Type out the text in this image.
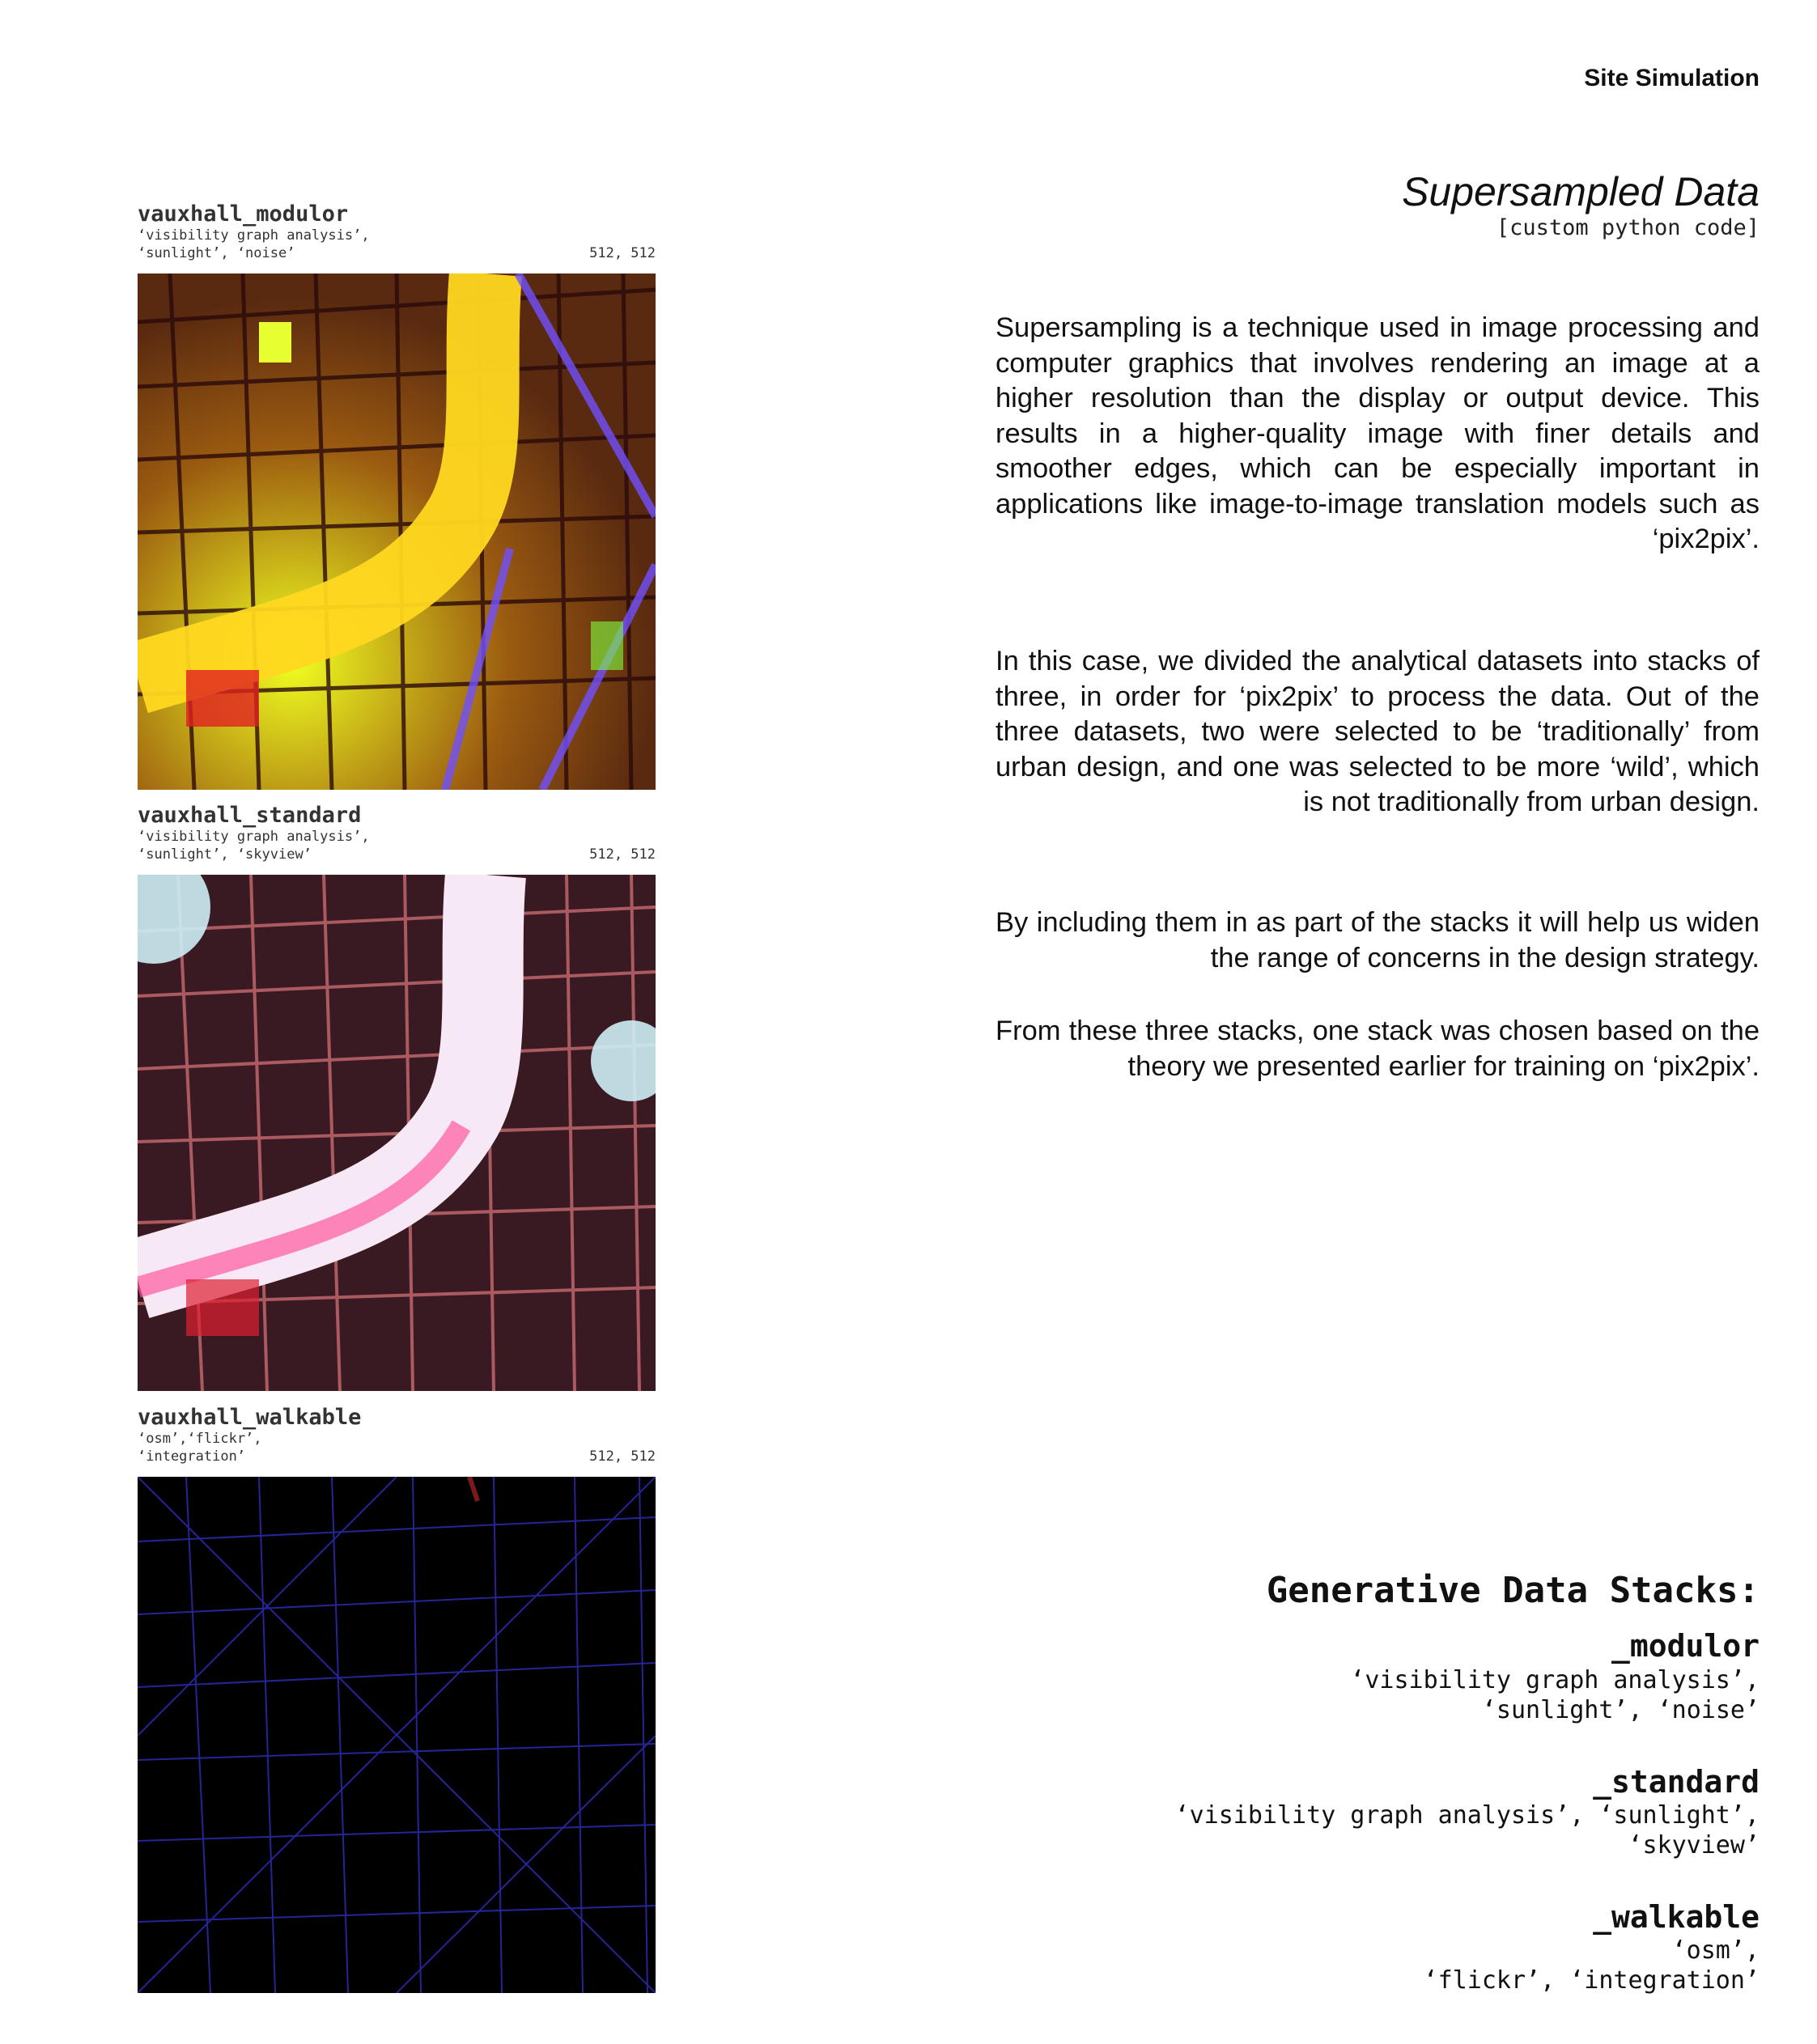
Site Simulation
vauxhall_modulor
‘visibility graph analysis’,
‘sunlight’, ‘noise’	512, 512
vauxhall_standard
‘visibility graph analysis’,
‘sunlight’, ‘skyview’	512, 512
vauxhall_walkable
‘osm’,‘flickr’,
‘integration’	512, 512
Supersampled Data
[custom python code]
Supersampling is a technique used in image processing and computer graphics that involves rendering an image at a higher resolution than the display or output device. This results in a higher-quality image with finer details and smoother edges, which can be especially important in applications like image-to-image translation models such as ‘pix2pix’.
In this case, we divided the analytical datasets into stacks of three, in order for ‘pix2pix’ to process the data. Out of the three datasets, two were selected to be ‘traditionally’ from urban design, and one was selected to be more ‘wild’, which is not traditionally from urban design.
By including them in as part of the stacks it will help us widen the range of concerns in the design strategy.
From these three stacks, one stack was chosen based on the theory we presented earlier for training on ‘pix2pix’.
Generative Data Stacks:
_modulor
‘visibility graph analysis’,
‘sunlight’, ‘noise’
_standard
‘visibility graph analysis’, ‘sunlight’,
‘skyview’
_walkable
‘osm’,
‘flickr’, ‘integration’
